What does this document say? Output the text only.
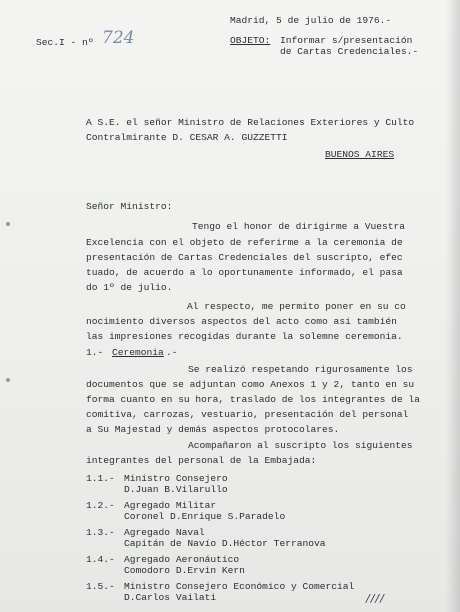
Madrid, 5 de julio de 1976.-
Sec.I - nº 724	OBJETO: Informar s/presentación
de Cartas Credenciales.-
A S.E. el señor Ministro de Relaciones Exteriores y Culto
Contralmirante D. CESAR A. GUZZETTI
BUENOS AIRES
Señor Ministro:
Tengo el honor de dirigirme a Vuestra
Excelencia con el objeto de referirme a la ceremonia de
presentación de Cartas Credenciales del suscripto, efec
tuado, de acuerdo a lo oportunamente informado, el pasa
do 1º de julio.
Al respecto, me permito poner en su co
nocimiento diversos aspectos del acto como así también
las impresiones recogidas durante la solemne ceremonia.
1.- Ceremonia .-
Se realizó respetando rigurosamente los
documentos que se adjuntan como Anexos 1 y 2, tanto en su
forma cuanto en su hora, traslado de los integrantes de la
comitiva, carrozas, vestuario, presentación del personal
a Su Majestad y demás aspectos protocolares.
Acompañaron al suscripto los siguientes
integrantes del personal de la Embajada:
1.1.- Ministro Consejero
D.Juan B.Vilarullo
1.2.- Agregado Militar
Coronel D.Enrique S.Paradelo
1.3.- Agregado Naval
Capitán de Navío D.Héctor Terranova
1.4.- Agregado Aeronáutico
Comodoro D.Ervin Kern
1.5.- Ministro Consejero Económico y Comercial
D.Carlos Vailati	////
